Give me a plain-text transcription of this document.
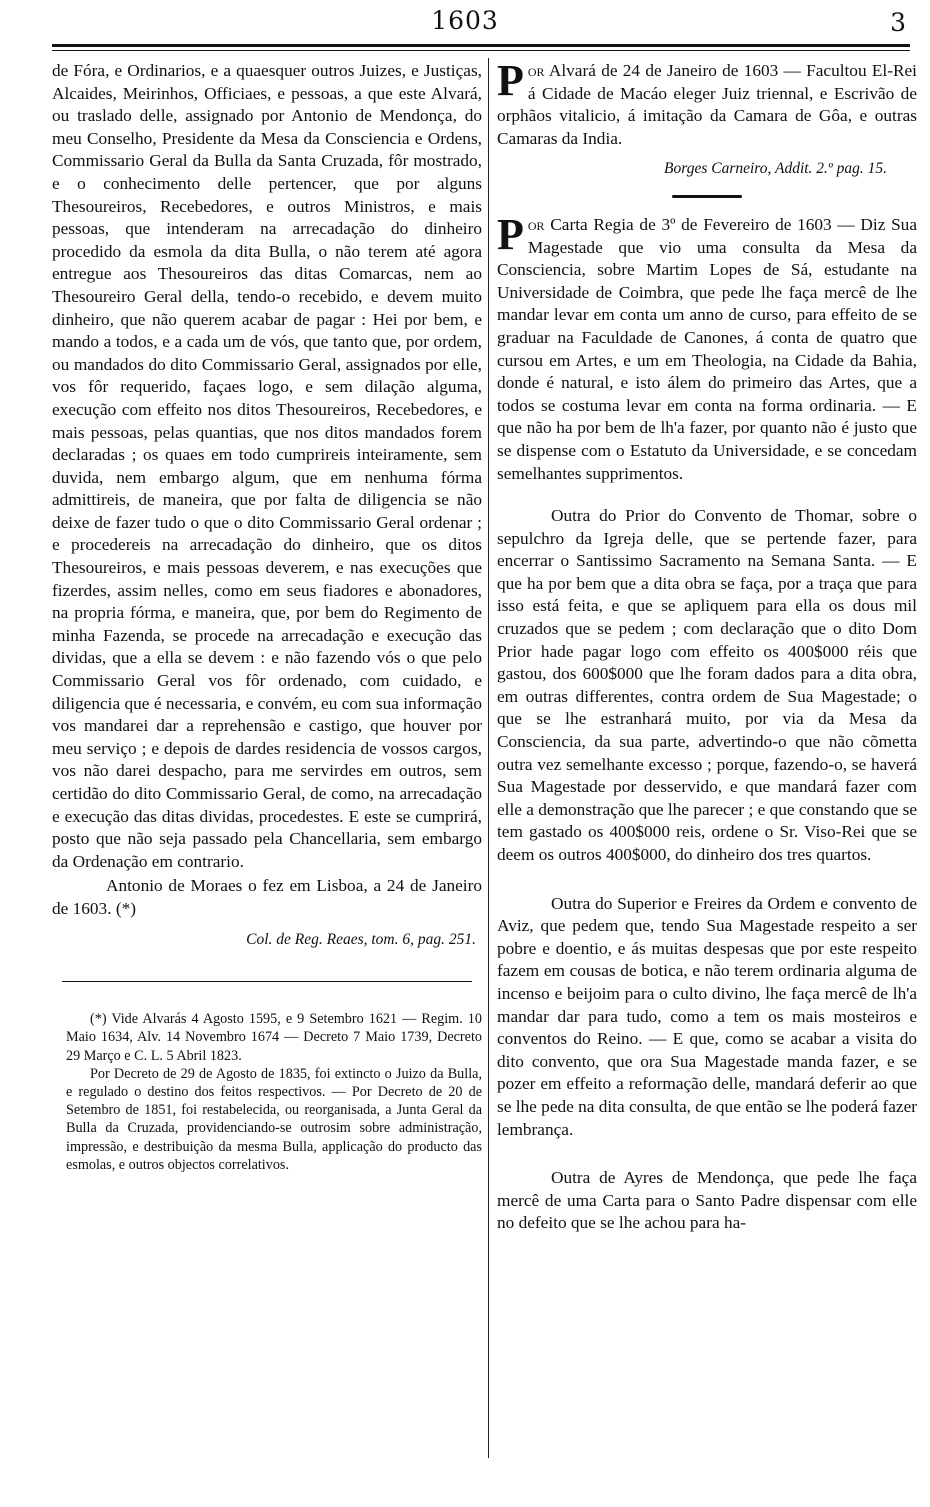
1603	3

de Fóra, e Ordinarios, e a quaesquer outros Juizes, e Justiças, Alcaides, Meirinhos, Officiaes, e pessoas, a que este Alvará, ou traslado delle, assignado por Antonio de Mendonça, do meu Conselho, Presidente da Mesa da Consciencia e Ordens, Commissario Geral da Bulla da Santa Cruzada, fôr mostrado, e o conhecimento delle pertencer, que por alguns Thesoureiros, Recebedores, e outros Ministros, e mais pessoas, que intenderam na arrecadação do dinheiro procedido da esmola da dita Bulla, o não terem até agora entregue aos Thesoureiros das ditas Comarcas, nem ao Thesoureiro Geral della, tendo-o recebido, e devem muito dinheiro, que não querem acabar de pagar : Hei por bem, e mando a todos, e a cada um de vós, que tanto que, por ordem, ou mandados do dito Commissario Geral, assignados por elle, vos fôr requerido, façaes logo, e sem dilação alguma, execução com effeito nos ditos Thesoureiros, Recebedores, e mais pessoas, pelas quantias, que nos ditos mandados forem declaradas ; os quaes em todo cumprireis inteiramente, sem duvida, nem embargo algum, que em nenhuma fórma admittireis, de maneira, que por falta de diligencia se não deixe de fazer tudo o que o dito Commissario Geral ordenar ; e procedereis na arrecadação do dinheiro, que os ditos Thesoureiros, e mais pessoas deverem, e nas execuções que fizerdes, assim nelles, como em seus fiadores e abonadores, na propria fórma, e maneira, que, por bem do Regimento de minha Fazenda, se procede na arrecadação e execução das dividas, que a ella se devem : e não fazendo vós o que pelo Commissario Geral vos fôr ordenado, com cuidado, e diligencia que é necessaria, e convém, eu com sua informação vos mandarei dar a reprehensão e castigo, que houver por meu serviço ; e depois de dardes residencia de vossos cargos, vos não darei despacho, para me servirdes em outros, sem certidão do dito Commissario Geral, de como, na arrecadação e execução das ditas dividas, procedestes. E este se cumprirá, posto que não seja passado pela Chancellaria, sem embargo da Ordenação em contrario.

Antonio de Moraes o fez em Lisboa, a 24 de Janeiro de 1603. (*)

Col. de Reg. Reaes, tom. 6, pag. 251.

(*) Vide Alvarás 4 Agosto 1595, e 9 Setembro 1621 — Regim. 10 Maio 1634, Alv. 14 Novembro 1674 — Decreto 7 Maio 1739, Decreto 29 Março e C. L. 5 Abril 1823.

Por Decreto de 29 de Agosto de 1835, foi extincto o Juizo da Bulla, e regulado o destino dos feitos respectivos. — Por Decreto de 20 de Setembro de 1851, foi restabelecida, ou reorganisada, a Junta Geral da Bulla da Cruzada, providenciando-se outrosim sobre administração, impressão, e destribuição da mesma Bulla, applicação do producto das esmolas, e outros objectos correlativos.

Por Alvará de 24 de Janeiro de 1603 — Facultou El-Rei á Cidade de Macáo eleger Juiz triennal, e Escrivão de orphãos vitalicio, á imitação da Camara de Gôa, e outras Camaras da India.

Borges Carneiro, Addit. 2.º pag. 15.

Por Carta Regia de 3º de Fevereiro de 1603 — Diz Sua Magestade que vio uma consulta da Mesa da Consciencia, sobre Martim Lopes de Sá, estudante na Universidade de Coimbra, que pede lhe faça mercê de lhe mandar levar em conta um anno de curso, para effeito de se graduar na Faculdade de Canones, á conta de quatro que cursou em Artes, e um em Theologia, na Cidade da Bahia, donde é natural, e isto álem do primeiro das Artes, que a todos se costuma levar em conta na forma ordinaria. — E que não ha por bem de lh'a fazer, por quanto não é justo que se dispense com o Estatuto da Universidade, e se concedam semelhantes supprimentos.

Outra do Prior do Convento de Thomar, sobre o sepulchro da Igreja delle, que se pertende fazer, para encerrar o Santissimo Sacramento na Semana Santa. — E que ha por bem que a dita obra se faça, por a traça que para isso está feita, e que se apliquem para ella os dous mil cruzados que se pedem ; com declaração que o dito Dom Prior hade pagar logo com effeito os 400$000 réis que gastou, dos 600$000 que lhe foram dados para a dita obra, em outras differentes, contra ordem de Sua Magestade; o que se lhe estranhará muito, por via da Mesa da Consciencia, da sua parte, advertindo-o que não cõmetta outra vez semelhante excesso ; porque, fazendo-o, se haverá Sua Magestade por desservido, e que mandará fazer com elle a demonstração que lhe parecer ; e que constando que se tem gastado os 400$000 reis, ordene o Sr. Viso-Rei que se deem os outros 400$000, do dinheiro dos tres quartos.

Outra do Superior e Freires da Ordem e convento de Aviz, que pedem que, tendo Sua Magestade respeito a ser pobre e doentio, e ás muitas despesas que por este respeito fazem em cousas de botica, e não terem ordinaria alguma de incenso e beijoim para o culto divino, lhe faça mercê de lh'a mandar dar para tudo, como a tem os mais mosteiros e conventos do Reino. — E que, como se acabar a visita do dito convento, que ora Sua Magestade manda fazer, e se pozer em effeito a reformação delle, mandará deferir ao que se lhe pede na dita consulta, de que então se lhe poderá fazer lembrança.

Outra de Ayres de Mendonça, que pede lhe faça mercê de uma Carta para o Santo Padre dispensar com elle no defeito que se lhe achou para ha-
